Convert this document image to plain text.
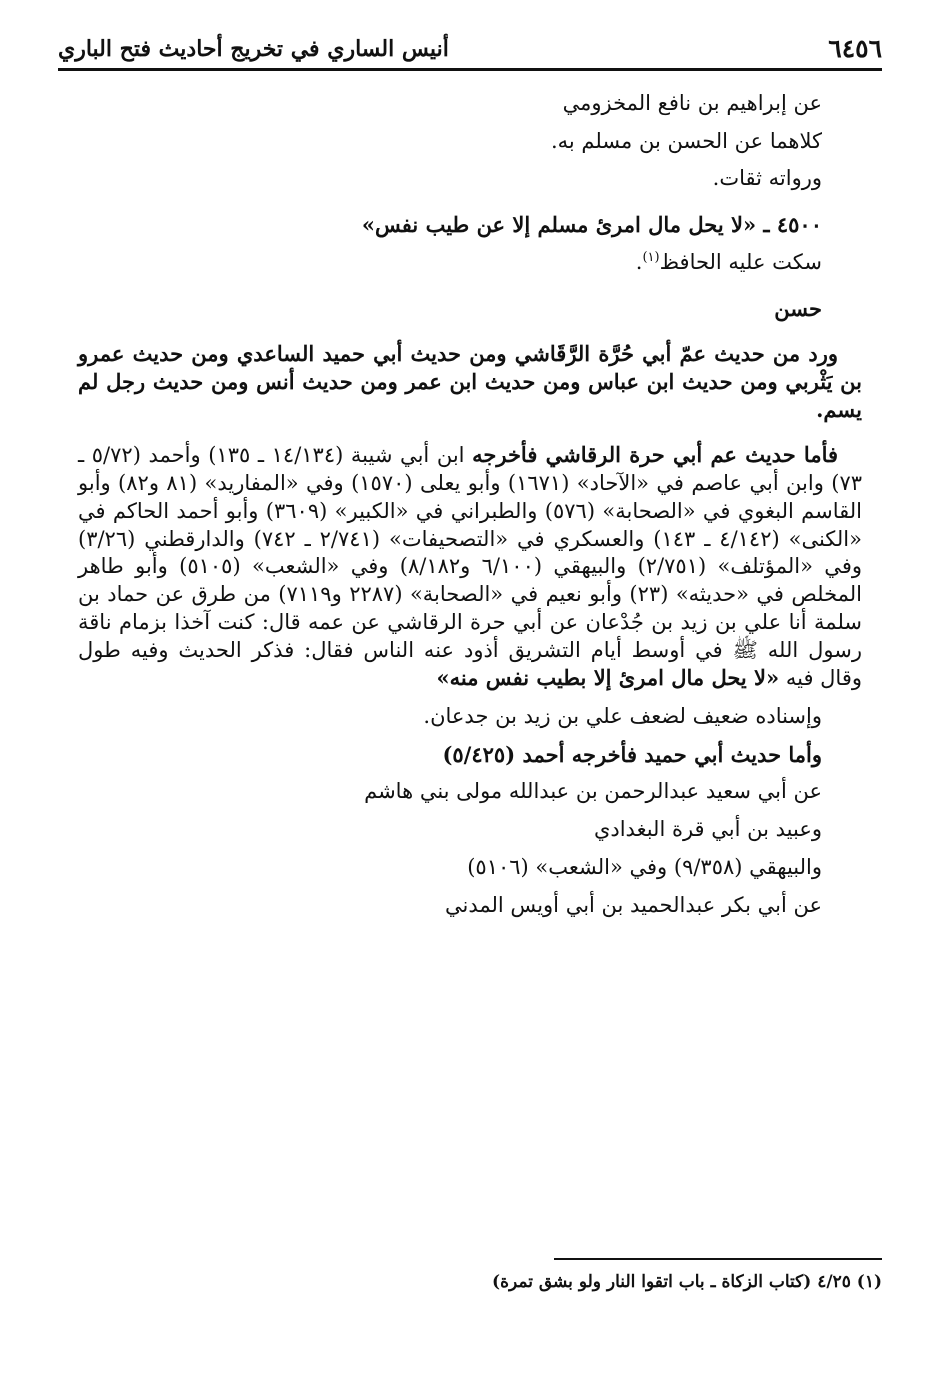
٦٤٥٦
أنيس الساري في تخريج أحاديث فتح الباري

عن إبراهيم بن نافع المخزومي

كلاهما عن الحسن بن مسلم به.

ورواته ثقات.

٤٥٠٠ ـ «لا يحل مال امرئ مسلم إلا عن طيب نفس»

سكت عليه الحافظ$^{(١)}$.

حسن

ورد من حديث عمّ أبي حُرَّة الرَّقَاشي ومن حديث أبي حميد الساعدي ومن حديث عمرو بن يَثْربي ومن حديث ابن عباس ومن حديث ابن عمر ومن حديث أنس ومن حديث رجل لم يسم.

فأما حديث عم أبي حرة الرقاشي فأخرجه ابن أبي شيبة (١٤/١٣٤ ـ ١٣٥) وأحمد (٥/٧٢ ـ ٧٣) وابن أبي عاصم في «الآحاد» (١٦٧١) وأبو يعلى (١٥٧٠) وفي «المفاريد» (٨١ و٨٢) وأبو القاسم البغوي في «الصحابة» (٥٧٦) والطبراني في «الكبير» (٣٦٠٩) وأبو أحمد الحاكم في «الكنى» (٤/١٤٢ ـ ١٤٣) والعسكري في «التصحيفات» (٢/٧٤١ ـ ٧٤٢) والدارقطني (٣/٢٦) وفي «المؤتلف» (٢/٧٥١) والبيهقي (٦/١٠٠ و٨/١٨٢) وفي «الشعب» (٥١٠٥) وأبو طاهر المخلص في «حديثه» (٢٣) وأبو نعيم في «الصحابة» (٢٢٨٧ و٧١١٩) من طرق عن حماد بن سلمة أنا علي بن زيد بن جُدْعان عن أبي حرة الرقاشي عن عمه قال: كنت آخذا بزمام ناقة رسول الله ﷺ في أوسط أيام التشريق أذود عنه الناس فقال: فذكر الحديث وفيه طول وقال فيه «لا يحل مال امرئ إلا بطيب نفس منه»

وإسناده ضعيف لضعف علي بن زيد بن جدعان.

وأما حديث أبي حميد فأخرجه أحمد (٥/٤٢٥)

عن أبي سعيد عبدالرحمن بن عبدالله مولى بني هاشم

وعبيد بن أبي قرة البغدادي

والبيهقي (٩/٣٥٨) وفي «الشعب» (٥١٠٦)

عن أبي بكر عبدالحميد بن أبي أويس المدني

(١) ٤/٢٥ (كتاب الزكاة ـ باب اتقوا النار ولو بشق تمرة)
